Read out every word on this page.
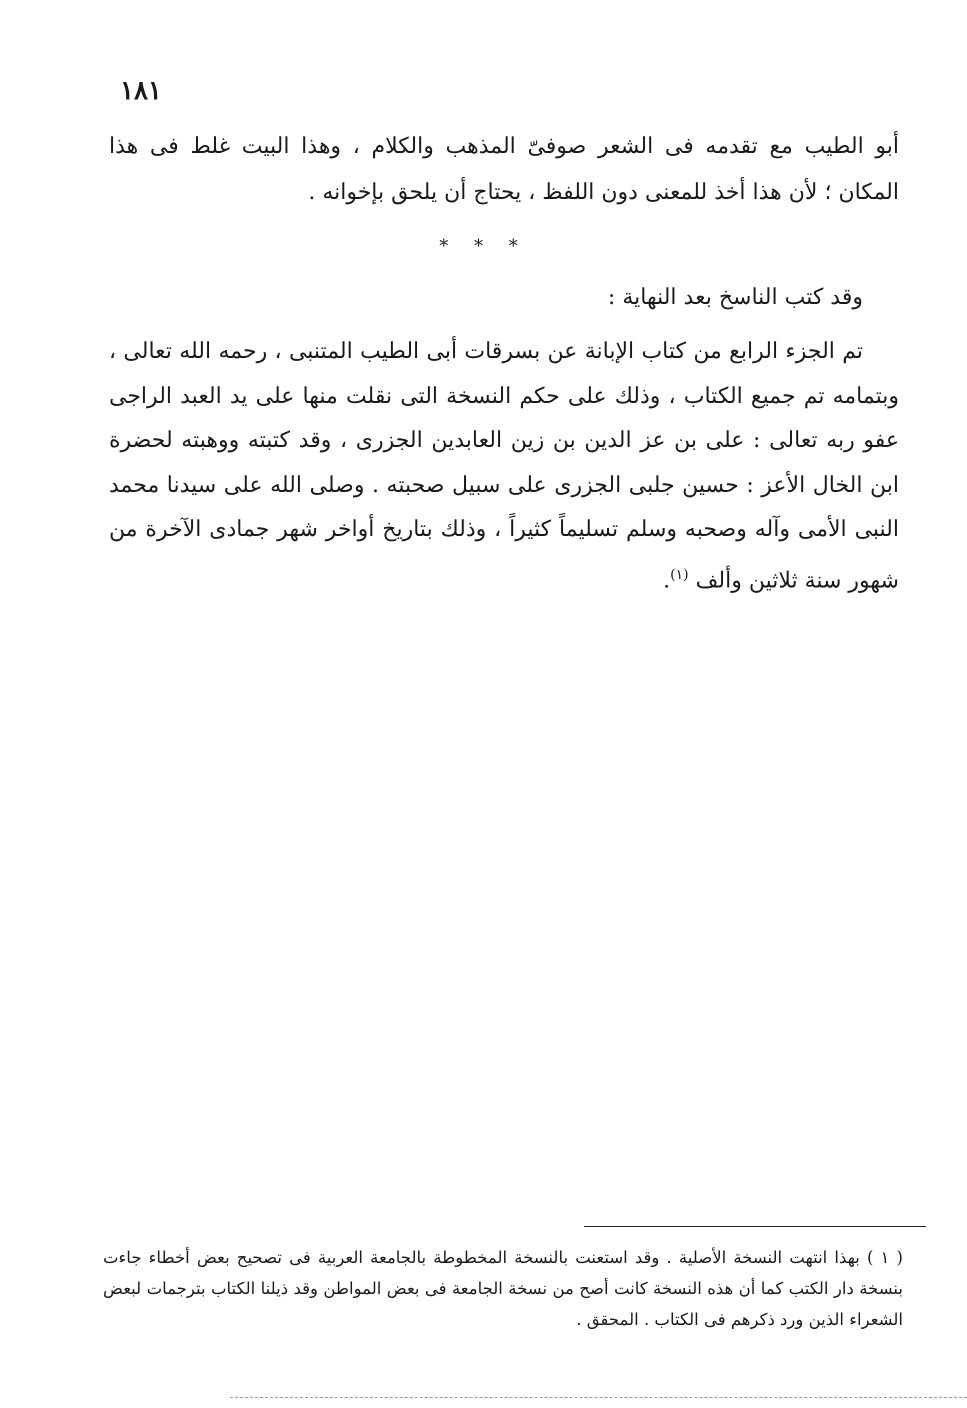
١٨١

أبو الطيب مع تقدمه فى الشعر صوفىّ المذهب والكلام ، وهذا البيت غلط فى هذا المكان ؛ لأن هذا أخذ للمعنى دون اللفظ ، يحتاج أن يلحق بإخوانه .

* * *

وقد كتب الناسخ بعد النهاية :

تم الجزء الرابع من كتاب الإبانة عن بسرقات أبى الطيب المتنبى ، رحمه الله تعالى ، وبتمامه تم جميع الكتاب ، وذلك على حكم النسخة التى نقلت منها على يد العبد الراجى عفو ربه تعالى : على بن عز الدين بن زين العابدين الجزرى ، وقد كتبته ووهبته لحضرة ابن الخال الأعز : حسين جلبى الجزرى على سبيل صحبته . وصلى الله على سيدنا محمد النبى الأمى وآله وصحبه وسلم تسليماً كثيراً ، وذلك بتاريخ أواخر شهر جمادى الآخرة من شهور سنة ثلاثين وألف $^{(١)}$.

( ١ ) بهذا انتهت النسخة الأصلية . وقد استعنت بالنسخة المخطوطة بالجامعة العربية فى تصحيح بعض أخطاء جاءت بنسخة دار الكتب كما أن هذه النسخة كانت أصح من نسخة الجامعة فى بعض المواطن وقد ذيلنا الكتاب بترجمات لبعض الشعراء الذين ورد ذكرهم فى الكتاب . المحقق .
